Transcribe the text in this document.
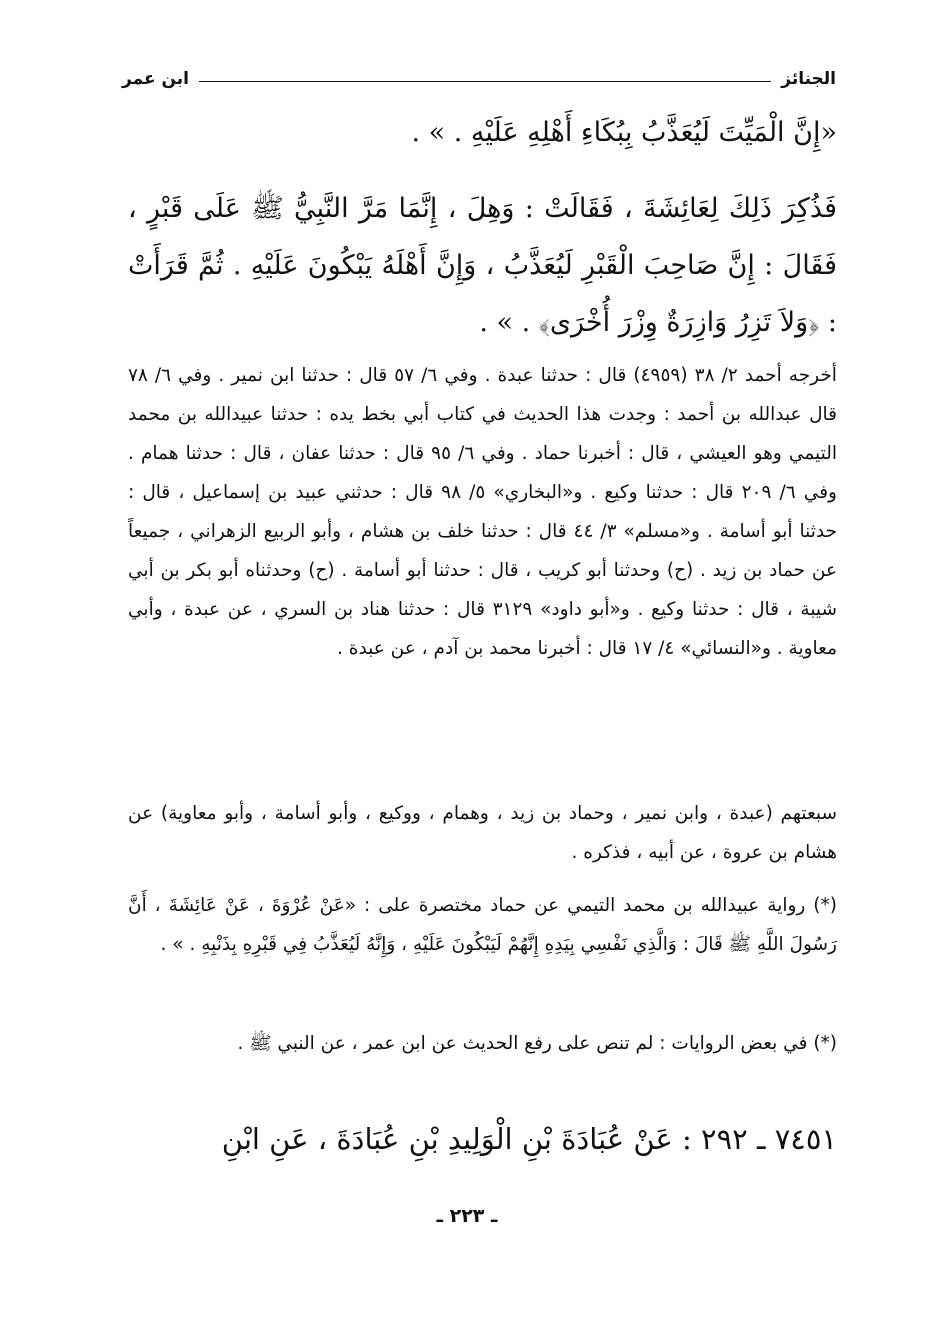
الجنائز
ابن عمر
«إِنَّ الْمَيِّتَ لَيُعَذَّبُ بِبُكَاءِ أَهْلِهِ عَلَيْهِ . » .
فَذُكِرَ ذَلِكَ لِعَائِشَةَ ، فَقَالَتْ : وَهِلَ ، إِنَّمَا مَرَّ النَّبِيُّ ﷺ عَلَى قَبْرٍ ، فَقَالَ : إِنَّ صَاحِبَ الْقَبْرِ لَيُعَذَّبُ ، وَإِنَّ أَهْلَهُ يَبْكُونَ عَلَيْهِ . ثُمَّ قَرَأَتْ : ﴿وَلاَ تَزِرُ وَازِرَةٌ وِزْرَ أُخْرَى﴾ . » .
أخرجه أحمد ٢/ ٣٨ (٤٩٥٩) قال : حدثنا عبدة . وفي ٦/ ٥٧ قال : حدثنا ابن نمير . وفي ٦/ ٧٨ قال عبدالله بن أحمد : وجدت هذا الحديث في كتاب أبي بخط يده : حدثنا عبيدالله بن محمد التيمي وهو العيشي ، قال : أخبرنا حماد . وفي ٦/ ٩٥ قال : حدثنا عفان ، قال : حدثنا همام . وفي ٦/ ٢٠٩ قال : حدثنا وكيع . و«البخاري» ٥/ ٩٨ قال : حدثني عبيد بن إسماعيل ، قال : حدثنا أبو أسامة . و«مسلم» ٣/ ٤٤ قال : حدثنا خلف بن هشام ، وأبو الربيع الزهراني ، جميعاً عن حماد بن زيد . (ح) وحدثنا أبو كريب ، قال : حدثنا أبو أسامة . (ح) وحدثناه أبو بكر بن أبي شيبة ، قال : حدثنا وكيع . و«أبو داود» ٣١٢٩ قال : حدثنا هناد بن السري ، عن عبدة ، وأبي معاوية . و«النسائي» ٤/ ١٧ قال : أخبرنا محمد بن آدم ، عن عبدة .
سبعتهم (عبدة ، وابن نمير ، وحماد بن زيد ، وهمام ، ووكيع ، وأبو أسامة ، وأبو معاوية) عن هشام بن عروة ، عن أبيه ، فذكره .
(*) رواية عبيدالله بن محمد التيمي عن حماد مختصرة على : «عَنْ عُرْوَةَ ، عَنْ عَائِشَةَ ، أَنَّ رَسُولَ اللَّهِ ﷺ قَالَ : وَالَّذِي نَفْسِي بِيَدِهِ إِنَّهُمْ لَيَبْكُونَ عَلَيْهِ ، وَإِنَّهُ لَيُعَذَّبُ فِي قَبْرِهِ بِذَنْبِهِ . » .
(*) في بعض الروايات : لم تنص على رفع الحديث عن ابن عمر ، عن النبي ﷺ .
٧٤٥١ ـ ٢٩٢ : عَنْ عُبَادَةَ بْنِ الْوَلِيدِ بْنِ عُبَادَةَ ، عَنِ ابْنِ
ـ ٢٢٣ ـ
